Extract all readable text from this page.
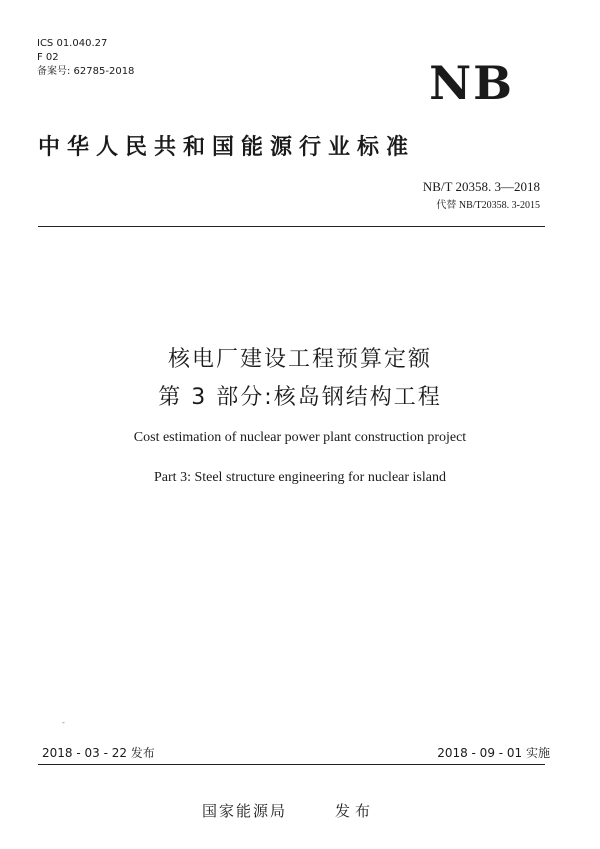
ICS 01.040.27
F 02
备案号: 62785-2018	NB
中华人民共和国能源行业标准
NB/T 20358. 3—2018
代替 NB/T20358. 3-2015
核电厂建设工程预算定额
第 3 部分:核岛钢结构工程
Cost estimation of nuclear power plant construction project
Part 3: Steel structure engineering for nuclear island
-
2018 - 03 - 22 发布	2018 - 09 - 01 实施
国家能源局	发布
